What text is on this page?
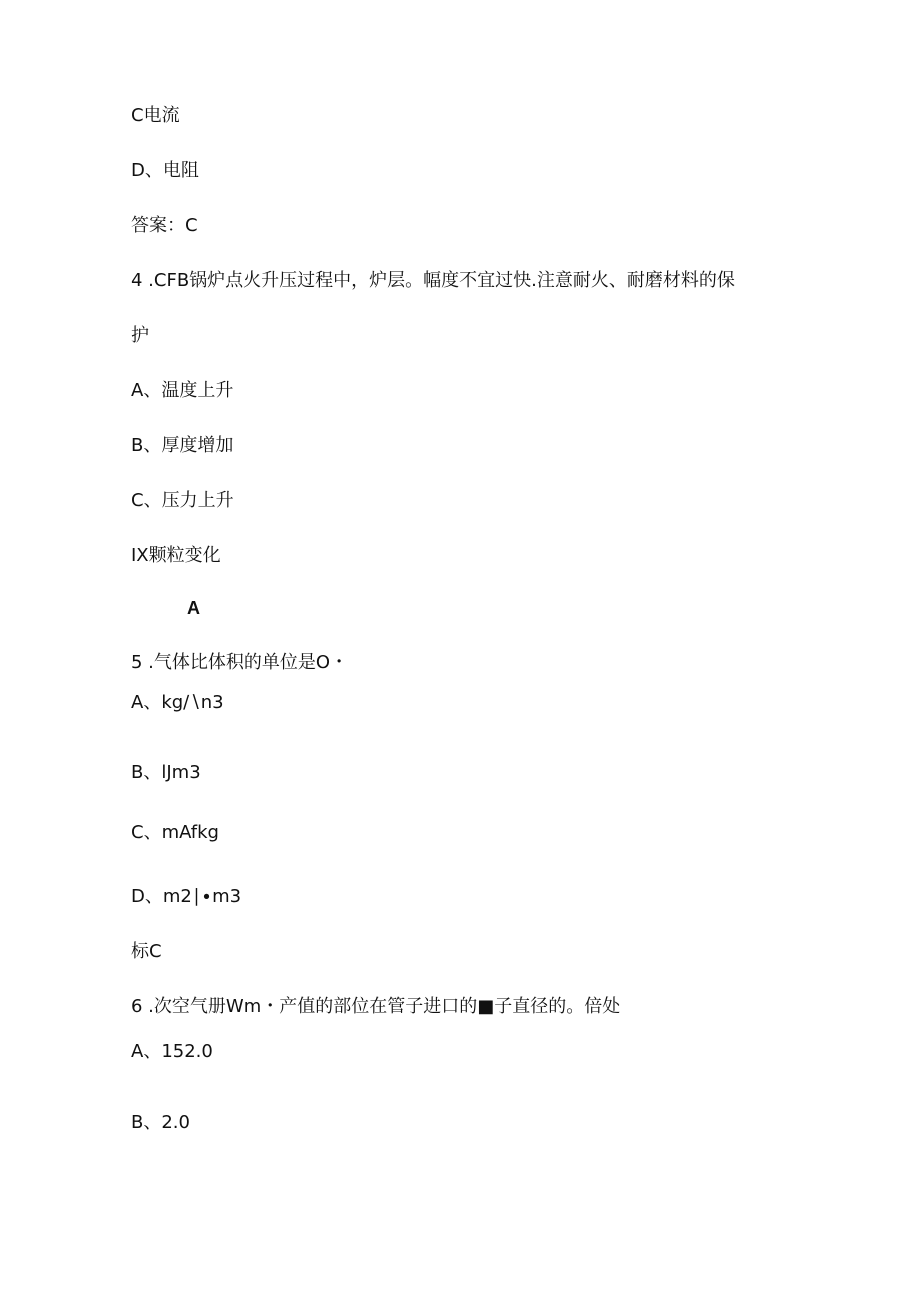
C电流
D、电阻
答案：C
4 .CFB锅炉点火升压过程中，炉层。幅度不宜过快.注意耐火、耐磨材料的保
护
A、温度上升
B、厚度增加
C、压力上升
IX颗粒变化
A
5 .气体比体积的单位是O・
A、kg∕∖n3
B、lJm3
C、mAfkg
D、m2∣∙m3
标C
6 .次空气册Wm・产值的部位在管子进口的■子直径的。倍处
A、152.0
B、2.0
